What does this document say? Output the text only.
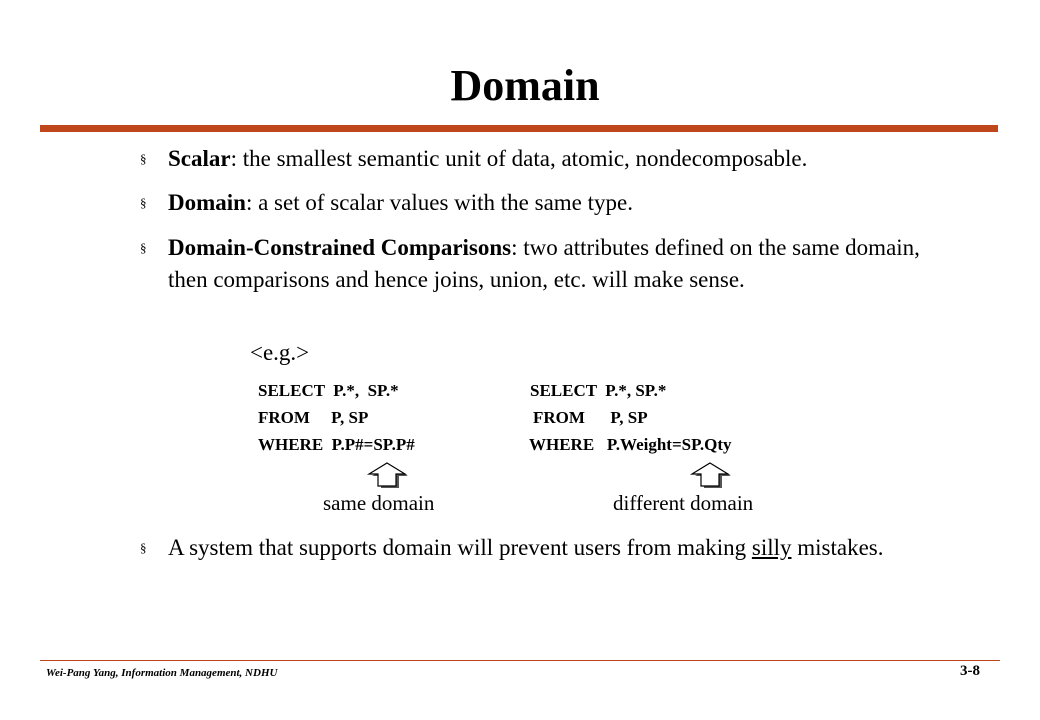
Domain
§ Scalar: the smallest semantic unit of data, atomic, nondecomposable.
§ Domain: a set of scalar values with the same type.
§ Domain-Constrained Comparisons: two attributes defined on the same domain, then comparisons and hence joins, union, etc. will make sense.
<e.g.>
SELECT  P.*,  SP.*
FROM     P, SP
WHERE  P.P#=SP.P#
SELECT  P.*, SP.*
FROM      P, SP
WHERE   P.Weight=SP.Qty
same domain	different domain
§ A system that supports domain will prevent users from making silly mistakes.
Wei-Pang Yang, Information Management, NDHU	3-8
